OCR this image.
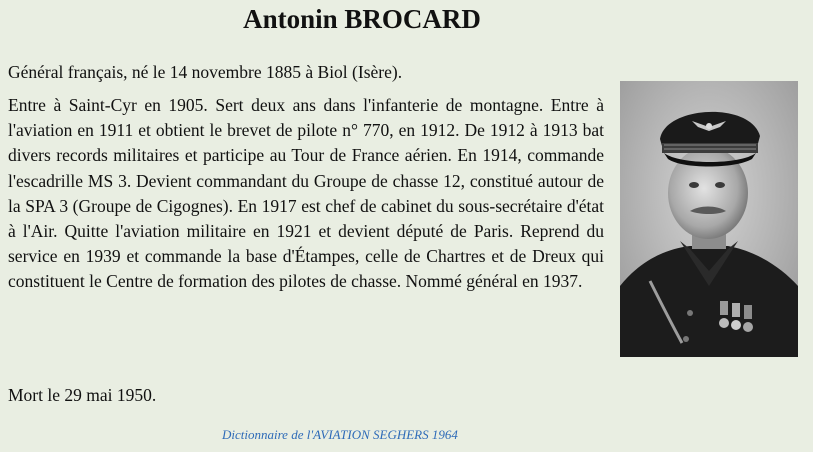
Antonin BROCARD

Général français, né le 14 novembre 1885 à Biol (Isère).

Entre à Saint-Cyr en 1905. Sert deux ans dans l'infanterie de montagne. Entre à l'aviation en 1911 et obtient le brevet de pilote n° 770, en 1912. De 1912 à 1913 bat divers records militaires et participe au Tour de France aérien. En 1914, commande l'escadrille MS 3. Devient commandant du Groupe de chasse 12, constitué autour de la SPA 3 (Groupe de Cigognes). En 1917 est chef de cabinet du sous-secrétaire d'état à l'Air. Quitte l'aviation militaire en 1921 et devient député de Paris. Reprend du service en 1939 et commande la base d'Étampes, celle de Chartres et de Dreux qui constituent le Centre de formation des pilotes de chasse. Nommé général en 1937.

Mort le 29 mai 1950.

Dictionnaire de l'AVIATION SEGHERS 1964
